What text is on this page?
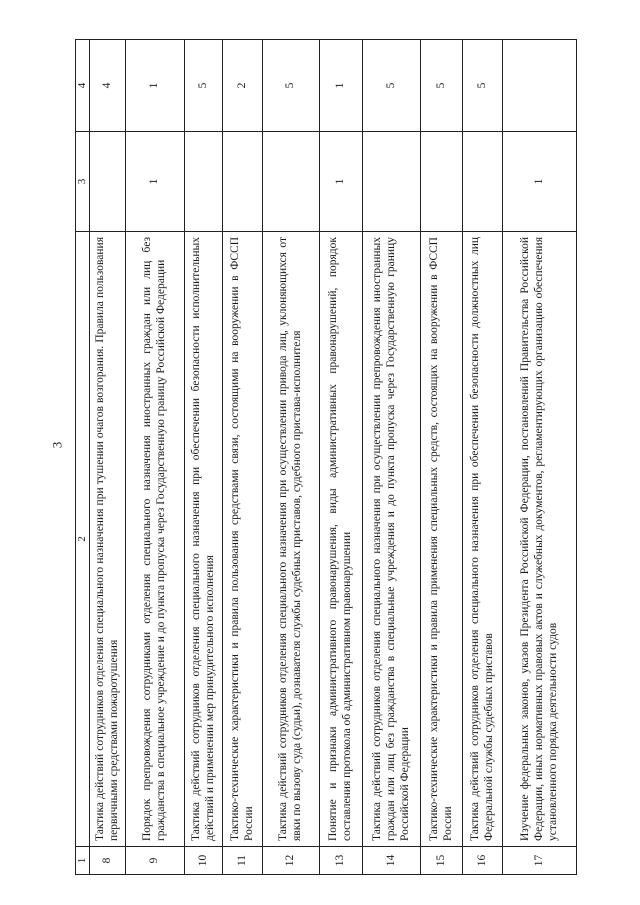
3
1	2	3	4
8	Тактика действий сотрудников отделения специального назначения при тушении очагов возгорания. Правила пользования первичными средствами пожаротушения		4
9	Порядок препровождения сотрудниками отделения специального назначения иностранных граждан или лиц без гражданства в специальное учреждение и до пункта пропуска через Государственную границу Российской Федерации	1	1
10	Тактика действий сотрудников отделения специального назначения при обеспечении безопасности исполнительных действий и применении мер принудительного исполнения		5
11	Тактико-технические характеристики и правила пользования средствами связи, состоящими на вооружении в ФССП России		2
12	Тактика действий сотрудников отделения специального назначения при осуществлении привода лиц, уклоняющихся от явки по вызову суда (судьи), дознавателя службы судебных приставов, судебного пристава-исполнителя		5
13	Понятие и признаки административного правонарушения, виды административных правонарушений, порядок составления протокола об административном правонарушении	1	1
14	Тактика действий сотрудников отделения специального назначения при осуществлении препровождения иностранных граждан или лиц без гражданства в специальные учреждения и до пункта пропуска через Государственную границу Российской Федерации		5
15	Тактико-технические характеристики и правила применения специальных средств, состоящих на вооружении в ФССП России		5
16	Тактика действий сотрудников отделения специального назначения при обеспечении безопасности должностных лиц Федеральной службы судебных приставов		5
17	Изучение федеральных законов, указов Президента Российской Федерации, постановлений Правительства Российской Федерации, иных нормативных правовых актов и служебных документов, регламентирующих организацию обеспечения установленного порядка деятельности судов	1	
